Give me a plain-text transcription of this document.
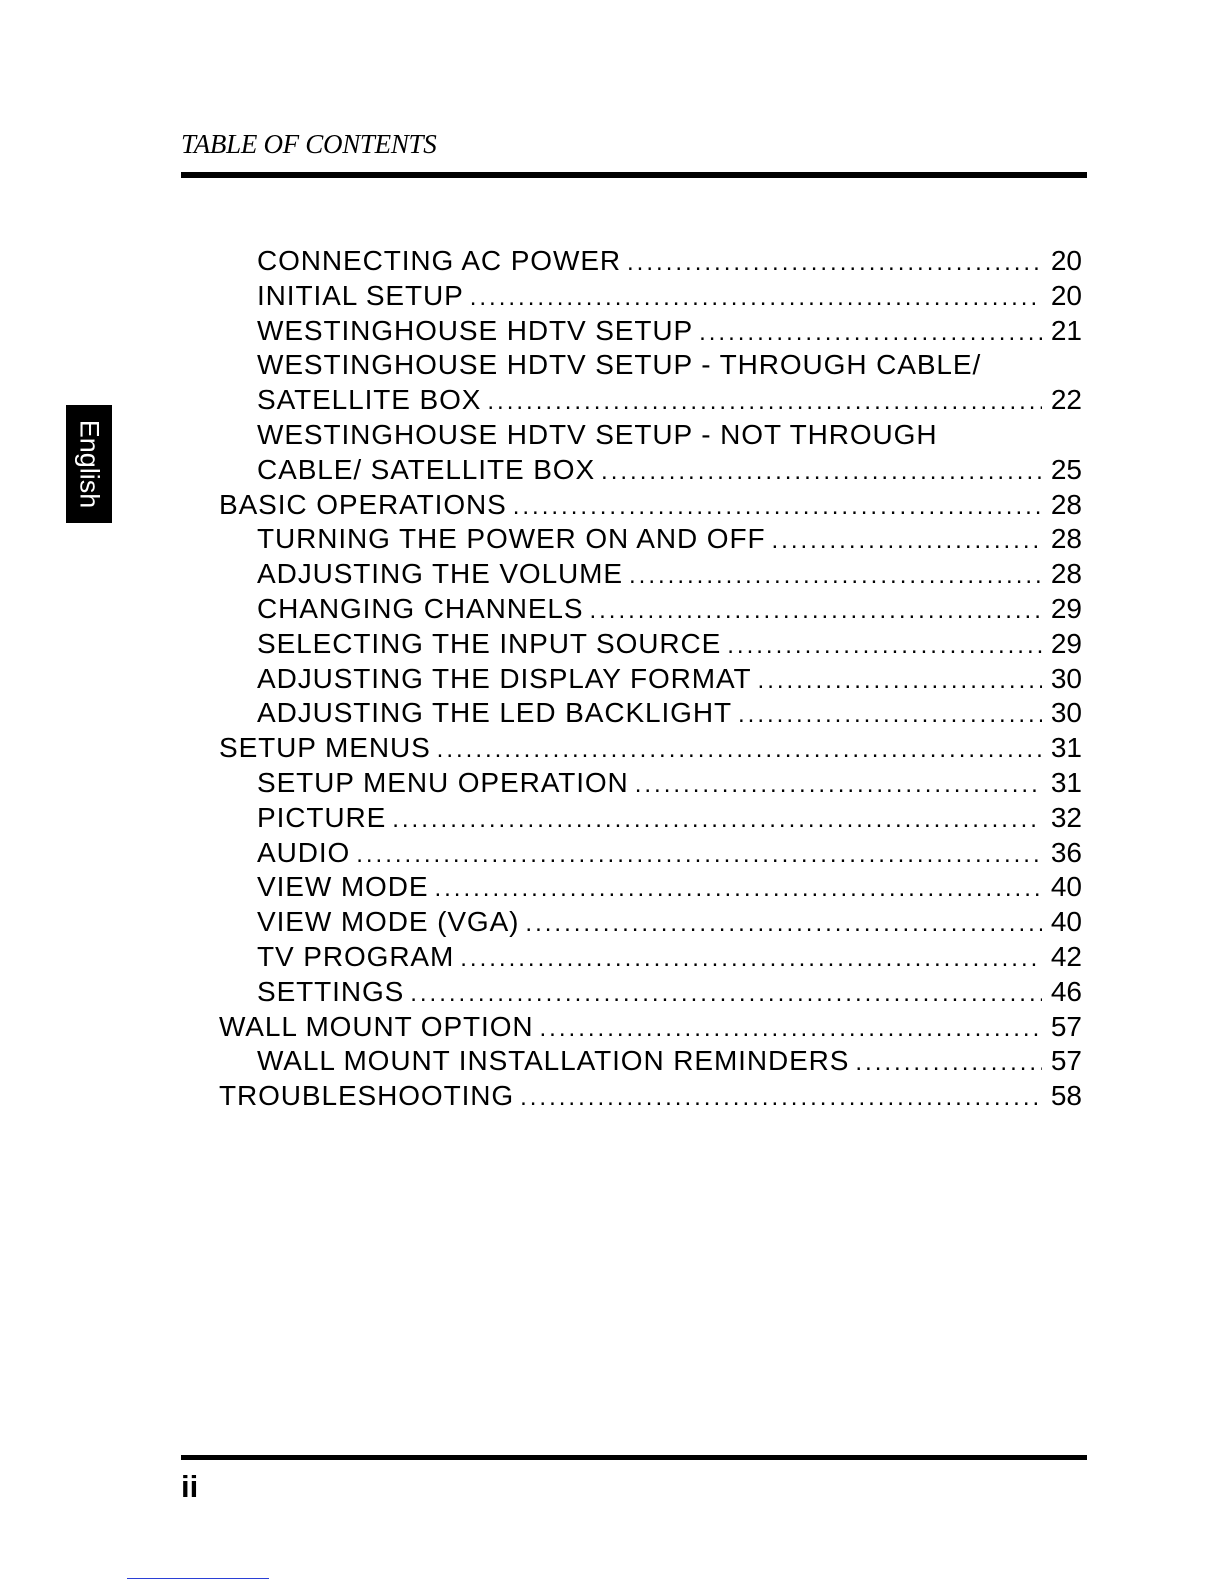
TABLE OF CONTENTS
English
CONNECTING AC POWER .....	20
INITIAL SETUP .....	20
WESTINGHOUSE HDTV SETUP .....	21
WESTINGHOUSE HDTV SETUP - THROUGH CABLE/
SATELLITE BOX .....	22
WESTINGHOUSE HDTV SETUP - NOT THROUGH
CABLE/ SATELLITE BOX .....	25
BASIC OPERATIONS .....	28
TURNING THE POWER ON AND OFF .....	28
ADJUSTING THE VOLUME .....	28
CHANGING CHANNELS .....	29
SELECTING THE INPUT SOURCE .....	29
ADJUSTING THE DISPLAY FORMAT .....	30
ADJUSTING THE LED BACKLIGHT .....	30
SETUP MENUS .....	31
SETUP MENU OPERATION .....	31
PICTURE .....	32
AUDIO .....	36
VIEW MODE .....	40
VIEW MODE (VGA) .....	40
TV PROGRAM .....	42
SETTINGS .....	46
WALL MOUNT OPTION .....	57
WALL MOUNT INSTALLATION REMINDERS .....	57
TROUBLESHOOTING .....	58
ii
